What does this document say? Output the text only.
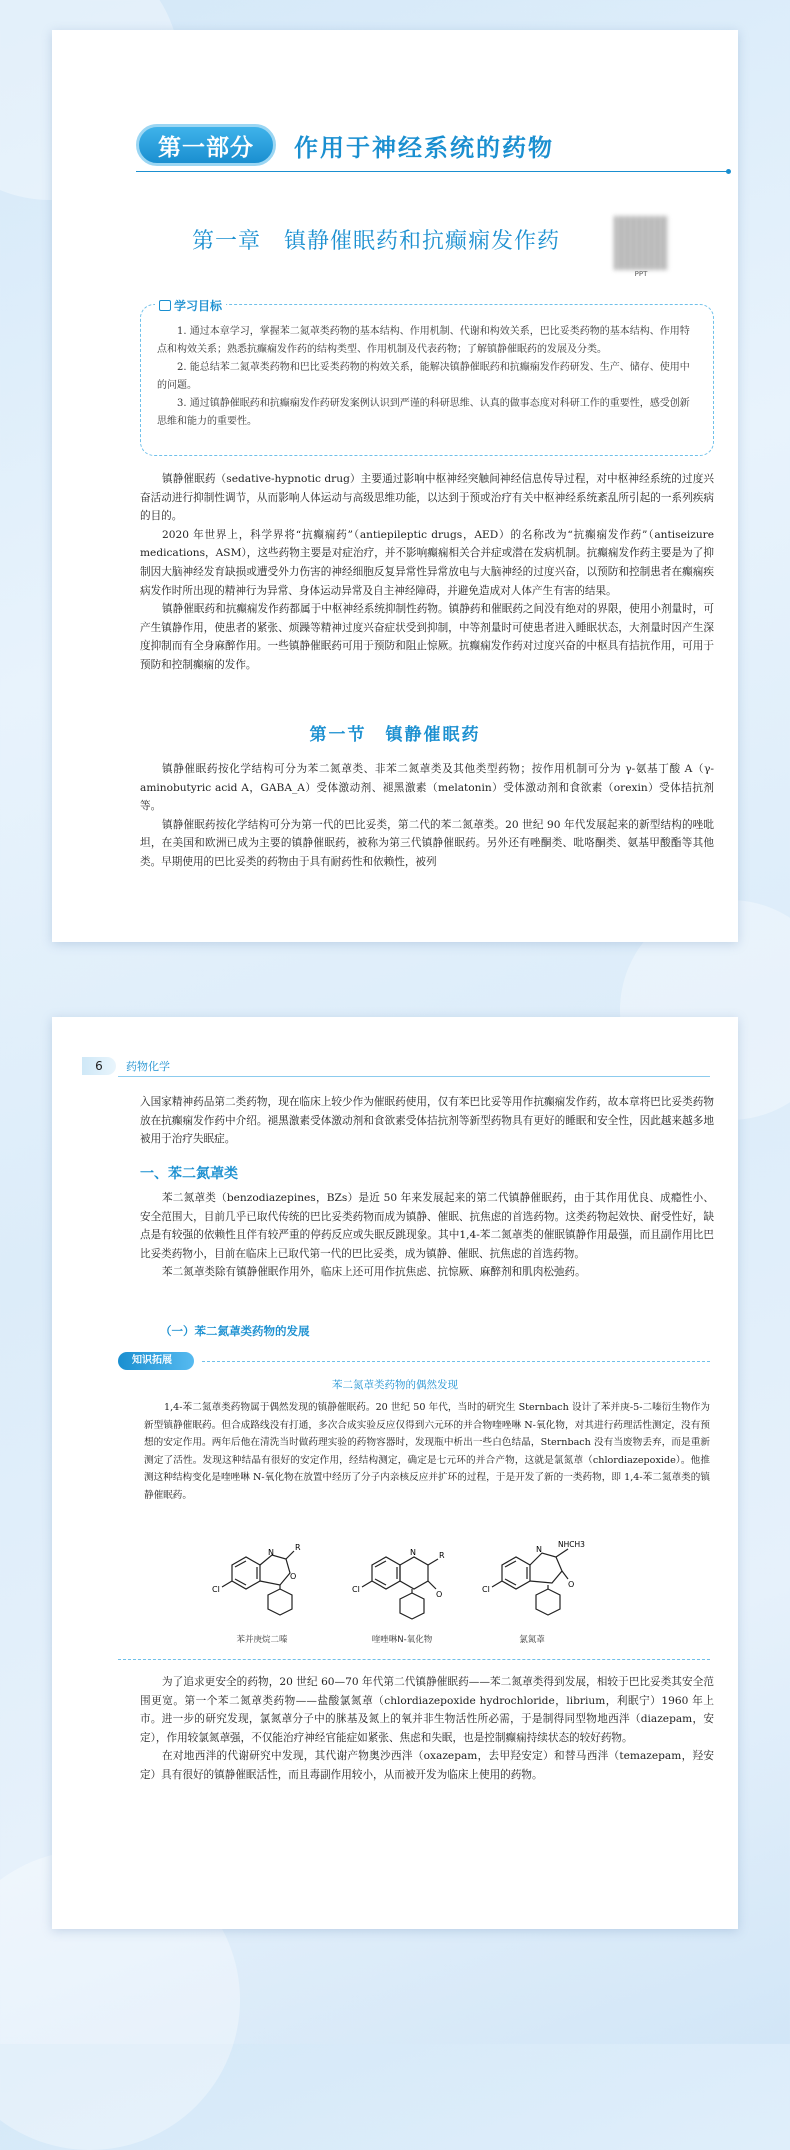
第一部分	作用于神经系统的药物
第一章　镇静催眠药和抗癫痫发作药
PPT
学习目标

1. 通过本章学习，掌握苯二氮䓬类药物的基本结构、作用机制、代谢和构效关系，巴比妥类药物的基本结构、作用特点和构效关系；熟悉抗癫痫发作药的结构类型、作用机制及代表药物；了解镇静催眠药的发展及分类。

2. 能总结苯二氮䓬类药物和巴比妥类药物的构效关系，能解决镇静催眠药和抗癫痫发作药研发、生产、储存、使用中的问题。

3. 通过镇静催眠药和抗癫痫发作药研发案例认识到严谨的科研思维、认真的做事态度对科研工作的重要性，感受创新思维和能力的重要性。

镇静催眠药（sedative-hypnotic drug）主要通过影响中枢神经突触间神经信息传导过程，对中枢神经系统的过度兴奋活动进行抑制性调节，从而影响人体运动与高级思维功能，以达到于预或治疗有关中枢神经系统紊乱所引起的一系列疾病的目的。

2020 年世界上，科学界将“抗癫痫药”（antiepileptic drugs，AED）的名称改为“抗癫痫发作药”（antiseizure medications，ASM），这些药物主要是对症治疗，并不影响癫痫相关合并症或潜在发病机制。抗癫痫发作药主要是为了抑制因大脑神经发育缺损或遭受外力伤害的神经细胞反复异常性异常放电与大脑神经的过度兴奋，以预防和控制患者在癫痫疾病发作时所出现的精神行为异常、身体运动异常及自主神经障碍，并避免造成对人体产生有害的结果。

镇静催眠药和抗癫痫发作药都属于中枢神经系统抑制性药物。镇静药和催眠药之间没有绝对的界限，使用小剂量时，可产生镇静作用，使患者的紧张、烦躁等精神过度兴奋症状受到抑制，中等剂量时可使患者进入睡眠状态，大剂量时因产生深度抑制而有全身麻醉作用。一些镇静催眠药可用于预防和阻止惊厥。抗癫痫发作药对过度兴奋的中枢具有拮抗作用，可用于预防和控制癫痫的发作。

第一节　镇静催眠药

镇静催眠药按化学结构可分为苯二氮䓬类、非苯二氮䓬类及其他类型药物；按作用机制可分为 γ-氨基丁酸 A（γ-aminobutyric acid A，GABA_A）受体激动剂、褪黑激素（melatonin）受体激动剂和食欲素（orexin）受体拮抗剂等。

镇静催眠药按化学结构可分为第一代的巴比妥类，第二代的苯二氮䓬类。20 世纪 90 年代发展起来的新型结构的唑吡坦，在美国和欧洲已成为主要的镇静催眠药，被称为第三代镇静催眠药。另外还有唑酮类、吡咯酮类、氨基甲酸酯等其他类。早期使用的巴比妥类的药物由于具有耐药性和依赖性，被列

6	药物化学

入国家精神药品第二类药物，现在临床上较少作为催眠药使用，仅有苯巴比妥等用作抗癫痫发作药，故本章将巴比妥类药物放在抗癫痫发作药中介绍。褪黑激素受体激动剂和食欲素受体拮抗剂等新型药物具有更好的睡眠和安全性，因此越来越多地被用于治疗失眠症。

一、苯二氮䓬类

苯二氮䓬类（benzodiazepines，BZs）是近 50 年来发展起来的第二代镇静催眠药，由于其作用优良、成瘾性小、安全范围大，目前几乎已取代传统的巴比妥类药物而成为镇静、催眠、抗焦虑的首选药物。这类药物起效快、耐受性好，缺点是有较强的依赖性且伴有较严重的停药反应或失眠反跳现象。其中1,4-苯二氮䓬类的催眠镇静作用最强，而且副作用比巴比妥类药物小，目前在临床上已取代第一代的巴比妥类，成为镇静、催眠、抗焦虑的首选药物。

苯二氮䓬类除有镇静催眠作用外，临床上还可用作抗焦虑、抗惊厥、麻醉剂和肌肉松弛药。

（一）苯二氮䓬类药物的发展
知识拓展
苯二氮䓬类药物的偶然发现

1,4-苯二氮䓬类药物属于偶然发现的镇静催眠药。20 世纪 50 年代，当时的研究生 Sternbach 设计了苯并庚-5-二嗪衍生物作为新型镇静催眠药。但合成路线没有打通，多次合成实验反应仅得到六元环的并合物喹唑啉 N-氧化物，对其进行药理活性测定，没有预想的安定作用。两年后他在清洗当时做药理实验的药物容器时，发现瓶中析出一些白色结晶，Sternbach 没有当废物丢弃，而是重新测定了活性。发现这种结晶有很好的安定作用，经结构测定，确定是七元环的并合产物，这就是氯氮䓬（chlordiazepoxide）。他推测这种结构变化是喹唑啉 N-氧化物在放置中经历了分子内亲核反应并扩环的过程，于是开发了新的一类药物，即 1,4-苯二氮䓬类的镇静催眠药。

Cl
R
N
O
苯并庚烷二嗪
Cl
R
N
O
喹唑啉N-氧化物
Cl
NHCH3
N
O
氯氮䓬

为了追求更安全的药物，20 世纪 60—70 年代第二代镇静催眠药——苯二氮䓬类得到发展，相较于巴比妥类其安全范围更宽。第一个苯二氮䓬类药物——盐酸氯氮䓬（chlordiazepoxide hydrochloride，librium，利眠宁）1960 年上市。进一步的研究发现，氯氮䓬分子中的脒基及氮上的氧并非生物活性所必需，于是制得同型物地西泮（diazepam，安定），作用较氯氮䓬强，不仅能治疗神经官能症如紧张、焦虑和失眠，也是控制癫痫持续状态的较好药物。

在对地西泮的代谢研究中发现，其代谢产物奥沙西泮（oxazepam，去甲羟安定）和替马西泮（temazepam，羟安定）具有很好的镇静催眠活性，而且毒副作用较小，从而被开发为临床上使用的药物。
